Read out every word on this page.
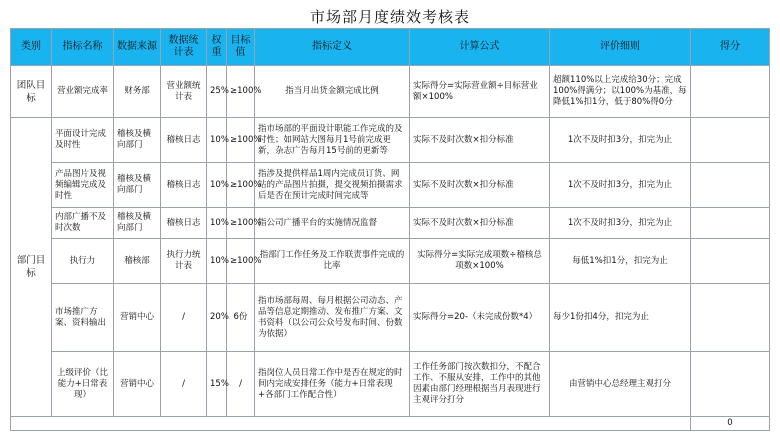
市场部月度绩效考核表
类别	指标名称	数据来源	数据统计表	权重	目标值	指标定义	计算公式	评价细则	得分
团队目标	营业额完成率	财务部	营业额统计表	25%	≥100%	指当月出货金额完成比例	实际得分=实际营业额÷目标营业额×100%	超额110%以上完成给30分；完成100%得满分；以100%为基准，每降低1%扣1分，低于80%得0分	
部门目标	平面设计完成及时性	稽核及横向部门	稽核日志	10%	≥100%	指市场部的平面设计职能工作完成的及时性；如网站大图每月1号前完成更新，杂志广告每月15号前的更新等	实际不及时次数×扣分标准	1次不及时扣3分，扣完为止	
	产品图片及视频编辑完成及时性	稽核及横向部门	稽核日志	10%	≥100%	指涉及提供样品1周内完成员订货、网站的产品图片拍摄，提交视频拍摄需求后是否在预计完成时间完成等	实际不及时次数×扣分标准	1次不及时扣3分，扣完为止	
	内部广播不及时次数	稽核及横向部门	稽核日志	10%	≥100%	指公司广播平台的实施情况监督	实际不及时次数×扣分标准	1次不及时扣3分，扣完为止	
	执行力	稽核部	执行力统计表	10%	≥100%	指部门工作任务及工作联责事件完成的比率	实际得分=实际完成项数÷稽核总项数×100%	每低1%扣1分，扣完为止	
	市场推广方案、资料输出	营销中心	/	20%	6份	指市场部每周、每月根据公司动态、产品等信息定期推动、发布推广方案、文书资料（以公司公众号发布时间、份数为依据）	实际得分=20-（未完成份数*4）	每少1份扣4分，扣完为止	
	上级评价（比能力+日常表现）	营销中心	/	15%	/	指岗位人员日常工作中是否在规定的时间内完成安排任务（能力+日常表现+各部门工作配合性）	工作任务部门按次数扣分，不配合工作、不服从安排，工作中的其他因素由部门经理根据当月表现进行主观评分打分	由营销中心总经理主观打分	
									0
